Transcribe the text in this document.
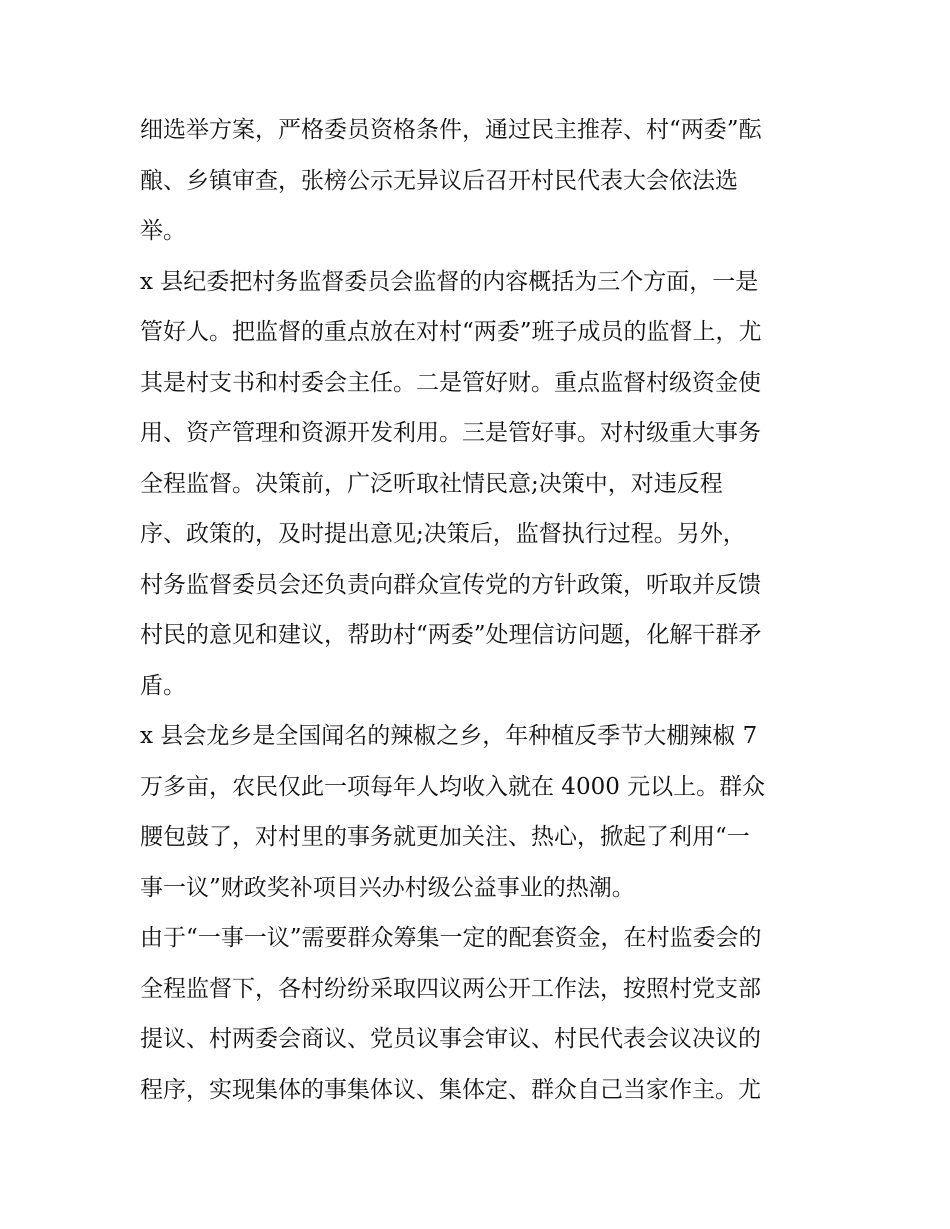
细选举方案，严格委员资格条件，通过民主推荐、村“两委”酝
酿、乡镇审查，张榜公示无异议后召开村民代表大会依法选
举。
x 县纪委把村务监督委员会监督的内容概括为三个方面，一是
管好人。把监督的重点放在对村“两委”班子成员的监督上，尤
其是村支书和村委会主任。二是管好财。重点监督村级资金使
用、资产管理和资源开发利用。三是管好事。对村级重大事务
全程监督。决策前，广泛听取社情民意;决策中，对违反程
序、政策的，及时提出意见;决策后，监督执行过程。另外，
村务监督委员会还负责向群众宣传党的方针政策，听取并反馈
村民的意见和建议，帮助村“两委”处理信访问题，化解干群矛
盾。
x 县会龙乡是全国闻名的辣椒之乡，年种植反季节大棚辣椒 7
万多亩，农民仅此一项每年人均收入就在 4000 元以上。群众
腰包鼓了，对村里的事务就更加关注、热心，掀起了利用“一
事一议”财政奖补项目兴办村级公益事业的热潮。
由于“一事一议”需要群众筹集一定的配套资金，在村监委会的
全程监督下，各村纷纷采取四议两公开工作法，按照村党支部
提议、村两委会商议、党员议事会审议、村民代表会议决议的
程序，实现集体的事集体议、集体定、群众自己当家作主。尤
